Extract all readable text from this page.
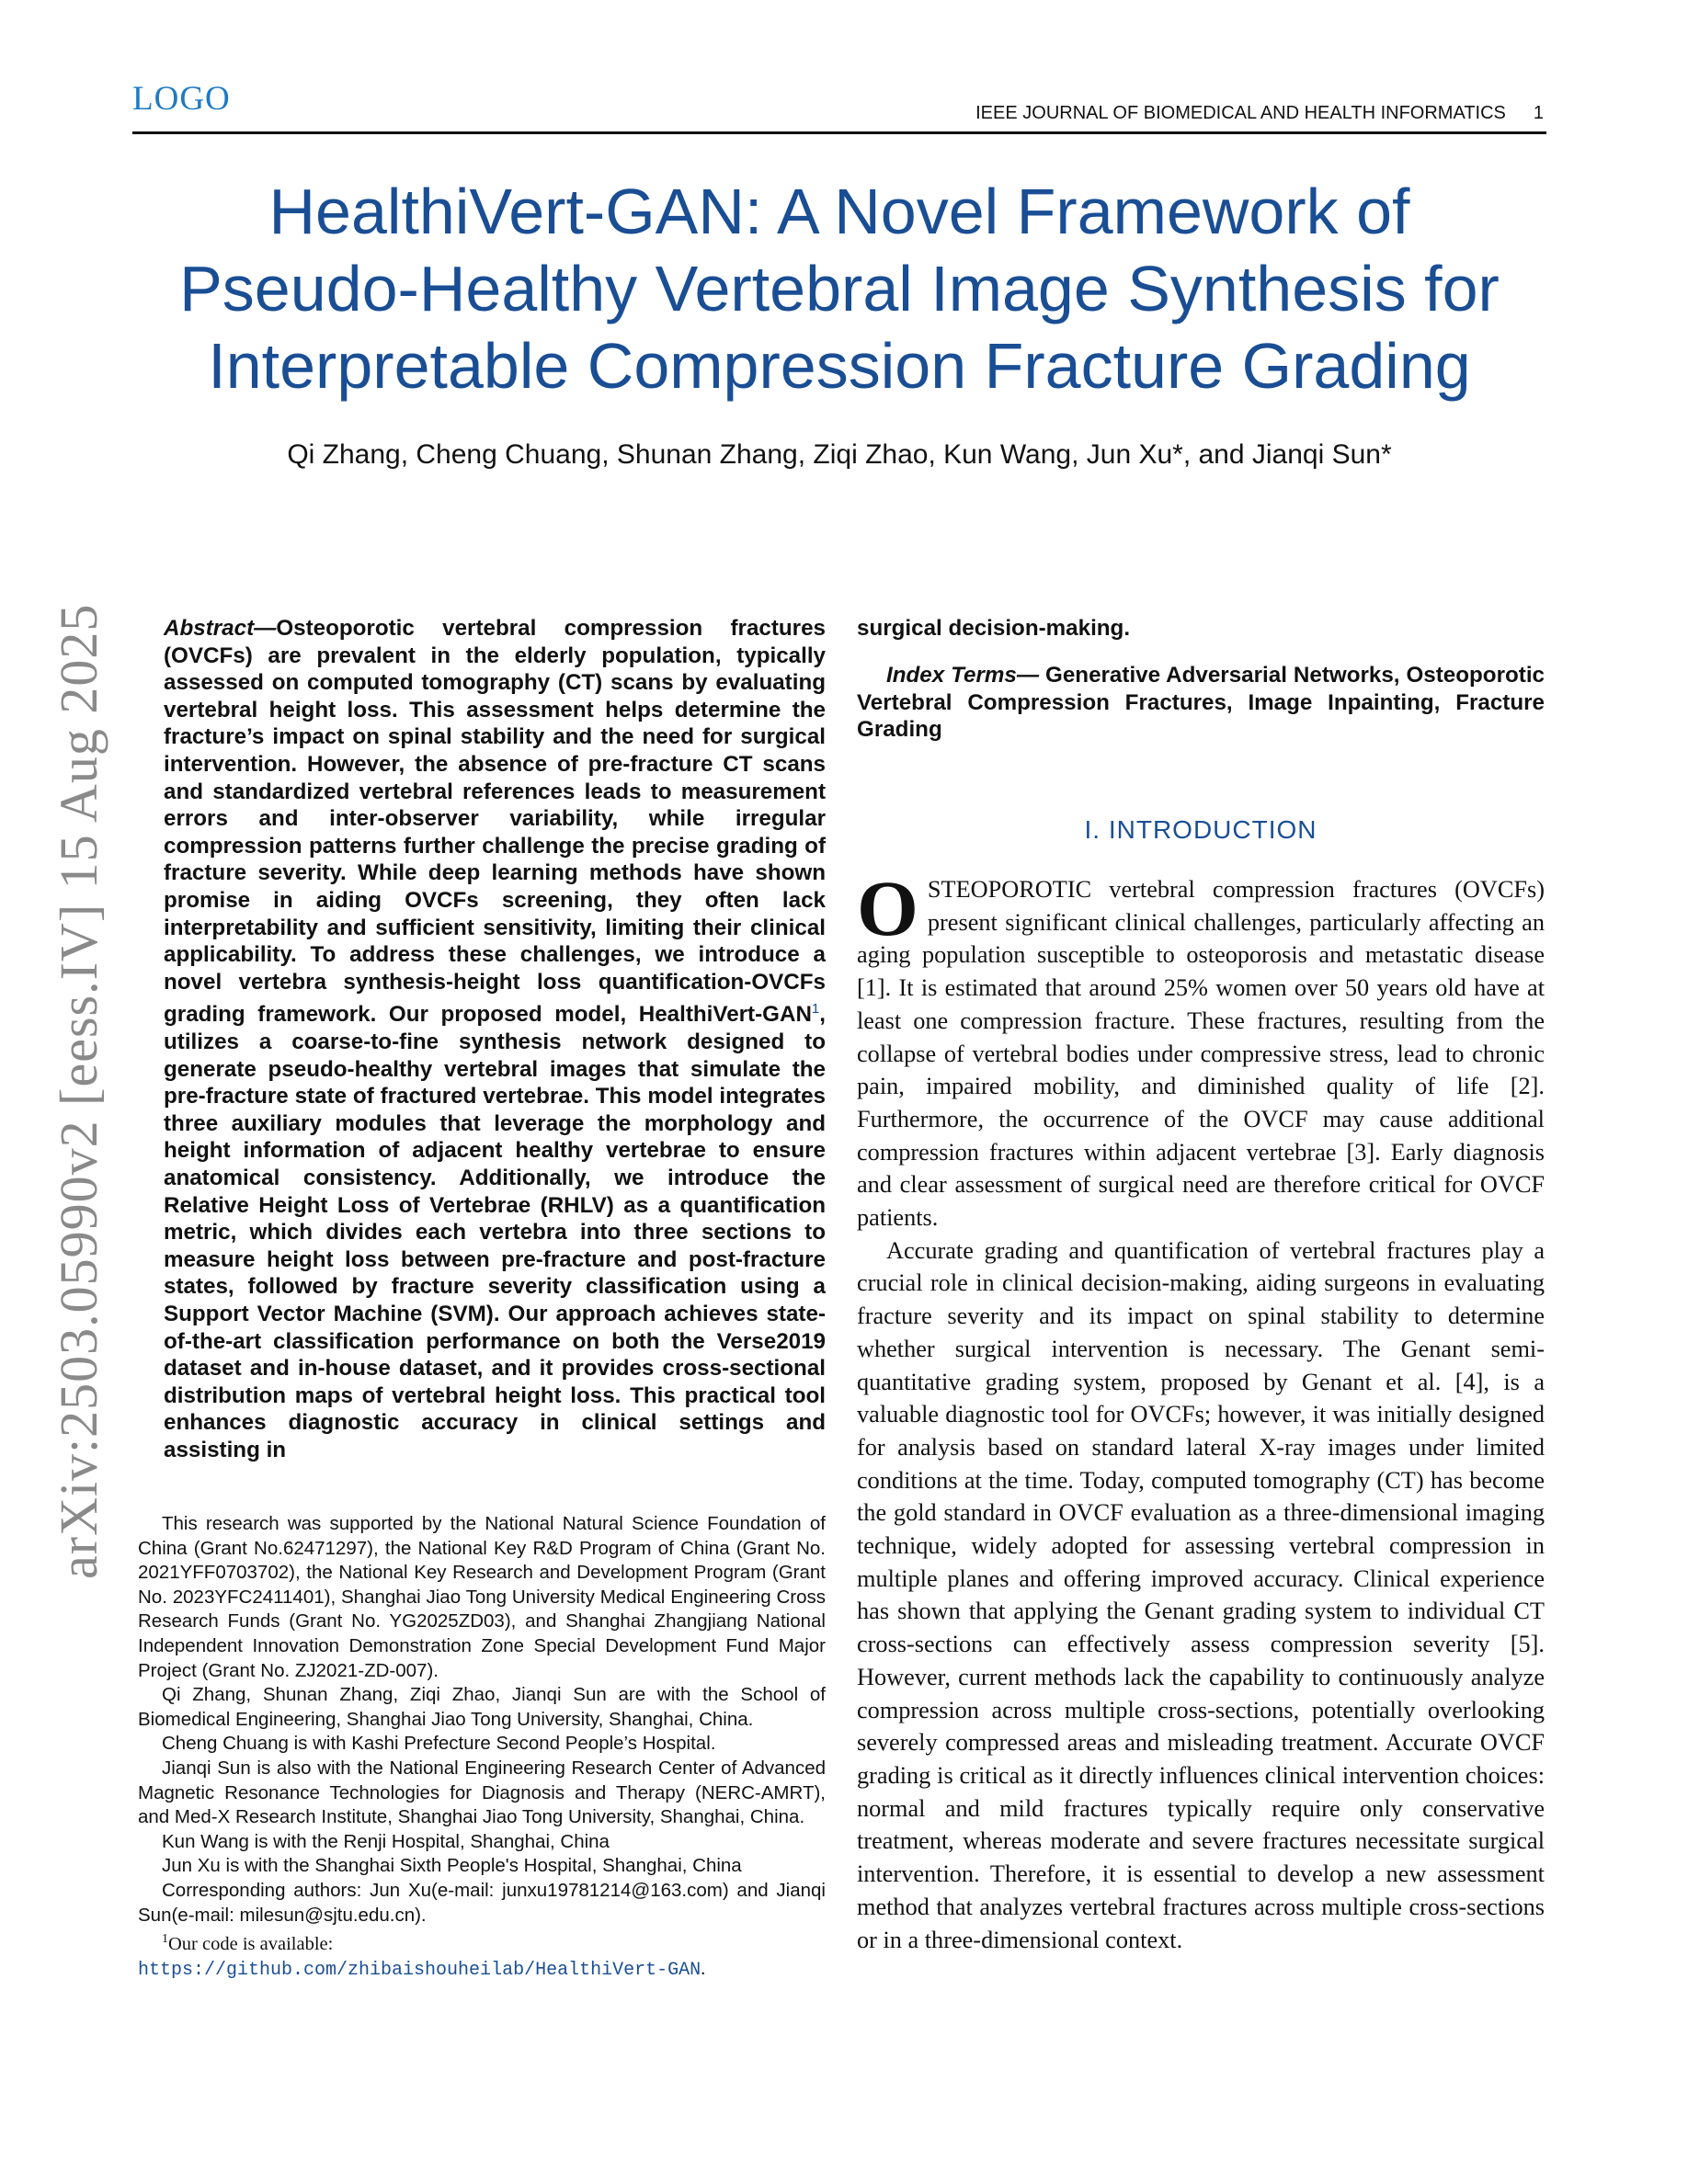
LOGO	IEEE JOURNAL OF BIOMEDICAL AND HEALTH INFORMATICS 1
HealthiVert-GAN: A Novel Framework of
Pseudo-Healthy Vertebral Image Synthesis for
Interpretable Compression Fracture Grading
Qi Zhang, Cheng Chuang, Shunan Zhang, Ziqi Zhao, Kun Wang, Jun Xu*, and Jianqi Sun*
arXiv:2503.05990v2 [eess.IV] 15 Aug 2025 Abstract—Osteoporotic vertebral compression fractures (OVCFs) are prevalent in the elderly population, typically assessed on computed tomography (CT) scans by evaluating vertebral height loss. This assessment helps determine the fracture’s impact on spinal stability and the need for surgical intervention. However, the absence of pre-fracture CT scans and standardized vertebral references leads to measurement errors and inter-observer variability, while irregular compression patterns further challenge the precise grading of fracture severity. While deep learning methods have shown promise in aiding OVCFs screening, they often lack interpretability and sufficient sensitivity, limiting their clinical applicability. To address these challenges, we introduce a novel vertebra synthesis-height loss quantification-OVCFs grading framework. Our proposed model, HealthiVert-GAN$^1$, utilizes a coarse-to-fine synthesis network designed to generate pseudo-healthy vertebral images that simulate the pre-fracture state of fractured vertebrae. This model integrates three auxiliary modules that leverage the morphology and height information of adjacent healthy vertebrae to ensure anatomical consistency. Additionally, we introduce the Relative Height Loss of Vertebrae (RHLV) as a quantification metric, which divides each vertebra into three sections to measure height loss between pre-fracture and post-fracture states, followed by fracture severity classification using a Support Vector Machine (SVM). Our approach achieves state-of-the-art classification performance on both the Verse2019 dataset and in-house dataset, and it provides cross-sectional distribution maps of vertebral height loss. This practical tool enhances diagnostic accuracy in clinical settings and assisting in

This research was supported by the National Natural Science Foundation of China (Grant No.62471297), the National Key R&D Program of China (Grant No. 2021YFF0703702), the National Key Research and Development Program (Grant No. 2023YFC2411401), Shanghai Jiao Tong University Medical Engineering Cross Research Funds (Grant No. YG2025ZD03), and Shanghai Zhangjiang National Independent Innovation Demonstration Zone Special Development Fund Major Project (Grant No. ZJ2021-ZD-007).

Qi Zhang, Shunan Zhang, Ziqi Zhao, Jianqi Sun are with the School of Biomedical Engineering, Shanghai Jiao Tong University, Shanghai, China.

Cheng Chuang is with Kashi Prefecture Second People’s Hospital.

Jianqi Sun is also with the National Engineering Research Center of Advanced Magnetic Resonance Technologies for Diagnosis and Therapy (NERC-AMRT), and Med-X Research Institute, Shanghai Jiao Tong University, Shanghai, China.

Kun Wang is with the Renji Hospital, Shanghai, China

Jun Xu is with the Shanghai Sixth People's Hospital, Shanghai, China

Corresponding authors: Jun Xu(e-mail: junxu19781214@163.com) and Jianqi Sun(e-mail: milesun@sjtu.edu.cn).

$^1$Our code is available: https://github.com/zhibaishouheilab/HealthiVert-GAN.

surgical decision-making.
Index Terms— Generative Adversarial Networks, Osteoporotic Vertebral Compression Fractures, Image Inpainting, Fracture Grading
I. INTRODUCTION

OSTEOPOROTIC vertebral compression fractures (OVCFs) present significant clinical challenges, particularly affecting an aging population susceptible to osteoporosis and metastatic disease [1]. It is estimated that around 25% women over 50 years old have at least one compression fracture. These fractures, resulting from the collapse of vertebral bodies under compressive stress, lead to chronic pain, impaired mobility, and diminished quality of life [2]. Furthermore, the occurrence of the OVCF may cause additional compression fractures within adjacent vertebrae [3]. Early diagnosis and clear assessment of surgical need are therefore critical for OVCF patients.

Accurate grading and quantification of vertebral fractures play a crucial role in clinical decision-making, aiding surgeons in evaluating fracture severity and its impact on spinal stability to determine whether surgical intervention is necessary. The Genant semi-quantitative grading system, proposed by Genant et al. [4], is a valuable diagnostic tool for OVCFs; however, it was initially designed for analysis based on standard lateral X-ray images under limited conditions at the time. Today, computed tomography (CT) has become the gold standard in OVCF evaluation as a three-dimensional imaging technique, widely adopted for assessing vertebral compression in multiple planes and offering improved accuracy. Clinical experience has shown that applying the Genant grading system to individual CT cross-sections can effectively assess compression severity [5]. However, current methods lack the capability to continuously analyze compression across multiple cross-sections, potentially overlooking severely compressed areas and misleading treatment. Accurate OVCF grading is critical as it directly influences clinical intervention choices: normal and mild fractures typically require only conservative treatment, whereas moderate and severe fractures necessitate surgical intervention. Therefore, it is essential to develop a new assessment method that analyzes vertebral fractures across multiple cross-sections or in a three-dimensional context.
